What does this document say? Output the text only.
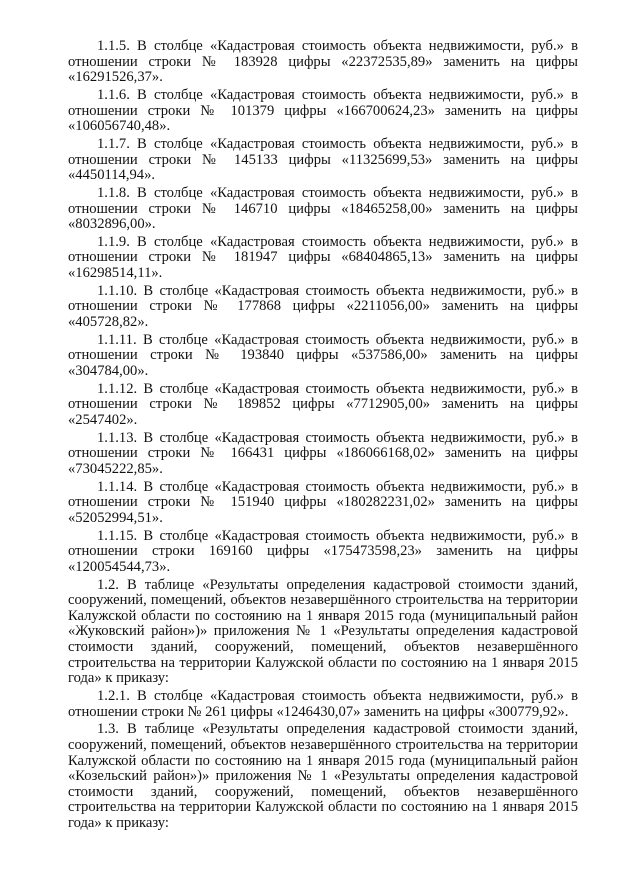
1.1.5. В столбце «Кадастровая стоимость объекта недвижимости, руб.» в отношении строки № 183928 цифры «22372535,89» заменить на цифры «16291526,37».

1.1.6. В столбце «Кадастровая стоимость объекта недвижимости, руб.» в отношении строки № 101379 цифры «166700624,23» заменить на цифры «106056740,48».

1.1.7. В столбце «Кадастровая стоимость объекта недвижимости, руб.» в отношении строки № 145133 цифры «11325699,53» заменить на цифры «4450114,94».

1.1.8. В столбце «Кадастровая стоимость объекта недвижимости, руб.» в отношении строки № 146710 цифры «18465258,00» заменить на цифры «8032896,00».

1.1.9. В столбце «Кадастровая стоимость объекта недвижимости, руб.» в отношении строки № 181947 цифры «68404865,13» заменить на цифры «16298514,11».

1.1.10. В столбце «Кадастровая стоимость объекта недвижимости, руб.» в отношении строки № 177868 цифры «2211056,00» заменить на цифры «405728,82».

1.1.11. В столбце «Кадастровая стоимость объекта недвижимости, руб.» в отношении строки № 193840 цифры «537586,00» заменить на цифры «304784,00».

1.1.12. В столбце «Кадастровая стоимость объекта недвижимости, руб.» в отношении строки № 189852 цифры «7712905,00» заменить на цифры «2547402».

1.1.13. В столбце «Кадастровая стоимость объекта недвижимости, руб.» в отношении строки № 166431 цифры «186066168,02» заменить на цифры «73045222,85».

1.1.14. В столбце «Кадастровая стоимость объекта недвижимости, руб.» в отношении строки № 151940 цифры «180282231,02» заменить на цифры «52052994,51».

1.1.15. В столбце «Кадастровая стоимость объекта недвижимости, руб.» в отношении строки 169160 цифры «175473598,23» заменить на цифры «120054544,73».

1.2. В таблице «Результаты определения кадастровой стоимости зданий, сооружений, помещений, объектов незавершённого строительства на территории Калужской области по состоянию на 1 января 2015 года (муниципальный район «Жуковский район»)» приложения № 1 «Результаты определения кадастровой стоимости зданий, сооружений, помещений, объектов незавершённого строительства на территории Калужской области по состоянию на 1 января 2015 года» к приказу:

1.2.1. В столбце «Кадастровая стоимость объекта недвижимости, руб.» в отношении строки № 261 цифры «1246430,07» заменить на цифры «300779,92».

1.3. В таблице «Результаты определения кадастровой стоимости зданий, сооружений, помещений, объектов незавершённого строительства на территории Калужской области по состоянию на 1 января 2015 года (муниципальный район «Козельский район»)» приложения № 1 «Результаты определения кадастровой стоимости зданий, сооружений, помещений, объектов незавершённого строительства на территории Калужской области по состоянию на 1 января 2015 года» к приказу:
